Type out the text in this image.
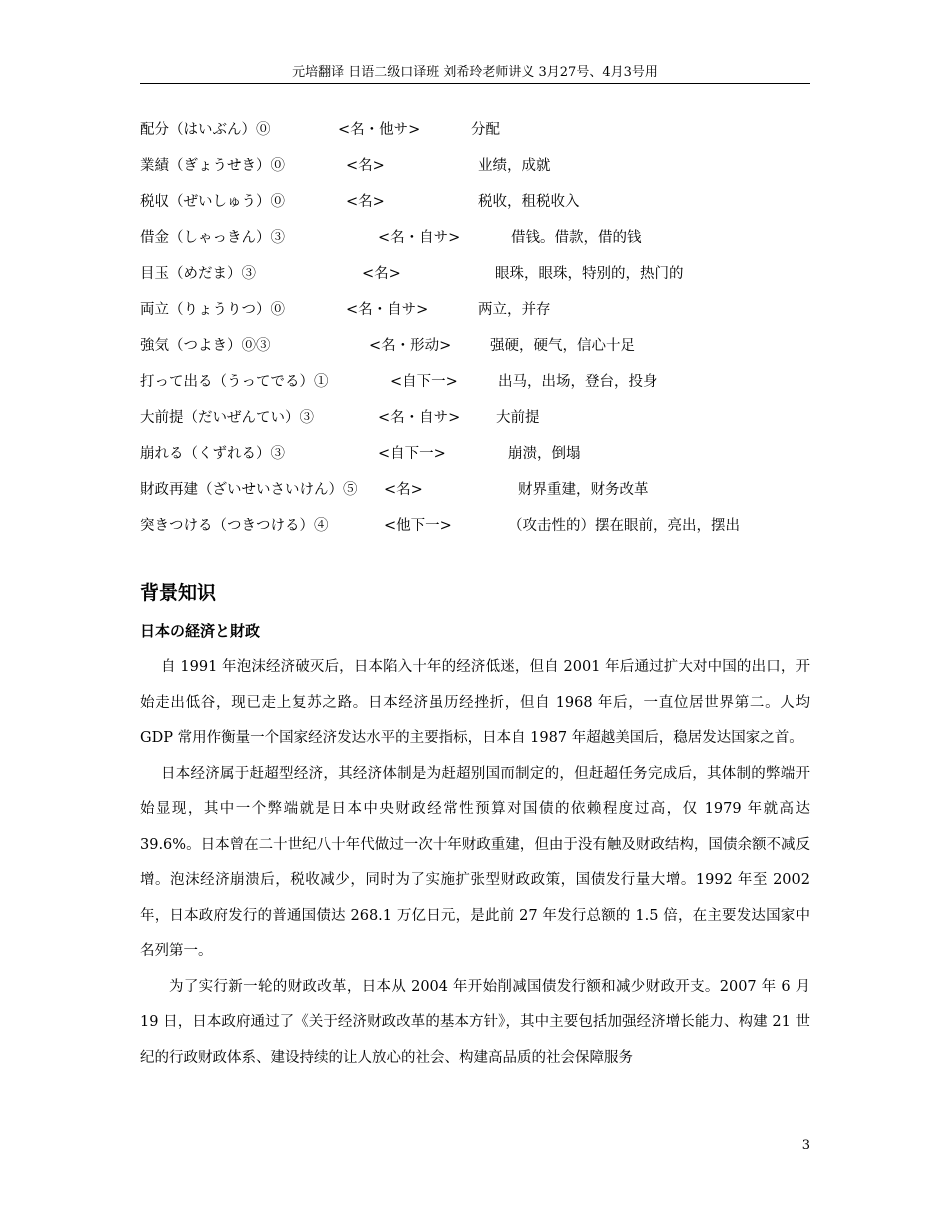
元培翻译 日语二级口译班 刘希玲老师讲义 3月27号、4月3号用
配分（はいぶん）⓪	<名・他サ>	分配
業績（ぎょうせき）⓪	<名>	业绩，成就
税収（ぜいしゅう）⓪	<名>	税收，租税收入
借金（しゃっきん）③	<名・自サ>	借钱。借款，借的钱
目玉（めだま）③	<名>	眼珠，眼珠，特别的，热门的
両立（りょうりつ）⓪	<名・自サ>	两立，并存
強気（つよき）⓪③	<名・形动>	强硬，硬气，信心十足
打って出る（うってでる）①	<自下一>	出马，出场，登台，投身
大前提（だいぜんてい）③	<名・自サ> 大前提
崩れる（くずれる）③	<自下一>	崩溃，倒塌
財政再建（ざいせいさいけん）⑤ <名>	财界重建，财务改革
突きつける（つきつける）④	<他下一>	（攻击性的）摆在眼前，亮出，摆出
背景知识
日本の経済と財政

自 1991 年泡沫经济破灭后，日本陷入十年的经济低迷，但自 2001 年后通过扩大对中国的出口，开始走出低谷，现已走上复苏之路。日本经济虽历经挫折，但自 1968 年后，一直位居世界第二。人均 GDP 常用作衡量一个国家经济发达水平的主要指标，日本自 1987 年超越美国后，稳居发达国家之首。

日本经济属于赶超型经济，其经济体制是为赶超别国而制定的，但赶超任务完成后，其体制的弊端开始显现，其中一个弊端就是日本中央财政经常性预算对国债的依赖程度过高，仅 1979 年就高达 39.6%。日本曾在二十世纪八十年代做过一次十年财政重建，但由于没有触及财政结构，国债余额不减反增。泡沫经济崩溃后，税收减少，同时为了实施扩张型财政政策，国债发行量大增。1992 年至 2002 年，日本政府发行的普通国债达 268.1 万亿日元，是此前 27 年发行总额的 1.5 倍，在主要发达国家中名列第一。

为了实行新一轮的财政改革，日本从 2004 年开始削减国债发行额和减少财政开支。2007 年 6 月 19 日，日本政府通过了《关于经济财政改革的基本方针》，其中主要包括加强经济增长能力、构建 21 世纪的行政财政体系、建设持续的让人放心的社会、构建高品质的社会保障服务

3
